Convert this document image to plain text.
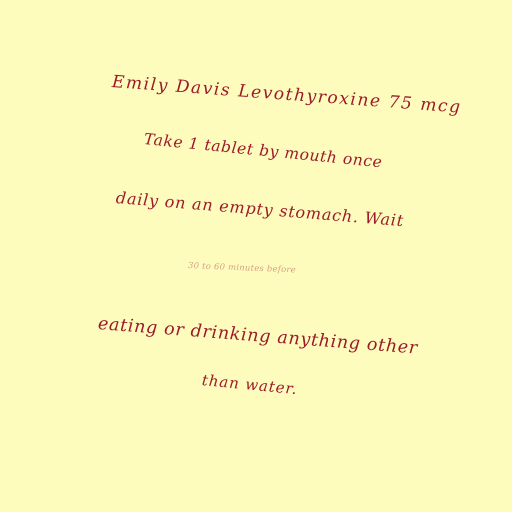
Emily Davis Levothyroxine 75 mcg
Take 1 tablet by mouth once
daily on an empty stomach. Wait
30 to 60 minutes before
eating or drinking anything other
than water.
